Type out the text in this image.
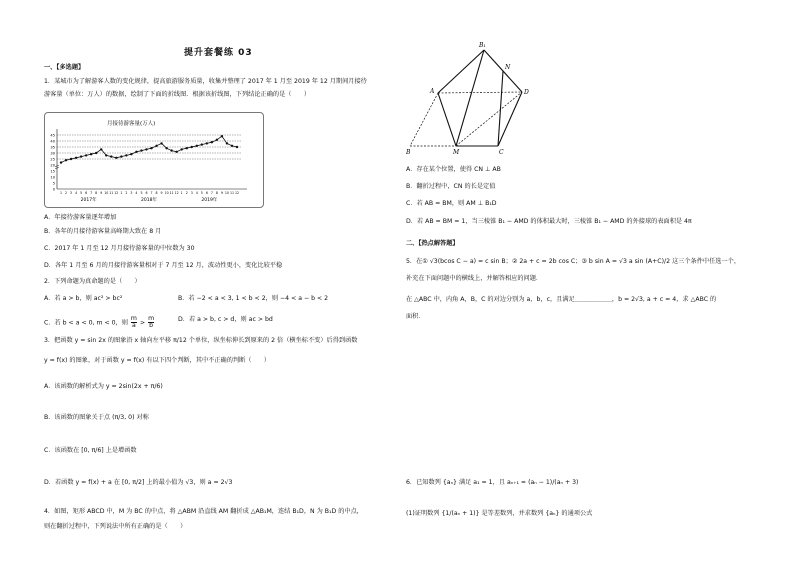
提升套餐练 03
一、【多选题】
1．某城市为了解游客人数的变化规律，提高旅游服务质量，收集并整理了 2017 年 1 月至 2019 年 12 月期间月接待
游客量（单位：万人）的数据，绘制了下面的折线图．根据该折线图，下列结论正确的是（　　）
月接待游客量(万人)
0
5
10
15
20
25
30
35
40
45
1 2 3 4 5 6 7 8 9 10 11 12 1 2 3 4 5 6 7 8 9 10 11 12 1 2 3 4 5 6 7 8 9 10 11 12
2017年	2018年	2019年
A．年接待游客量逐年增加
B．各年的月接待游客量高峰期大致在 8 月
C．2017 年 1 月至 12 月月接待游客量的中位数为 30
D．各年 1 月至 6 月的月接待游客量相对于 7 月至 12 月，波动性更小，变化比较平稳
2．下列命题为真命题的是（　　）
A．若 a > b，则 ac² > bc²	B．若 −2 < a < 3, 1 < b < 2，则 −4 < a − b < 2
C．若 b < a < 0, m < 0，则 $\frac{m}{a} > \frac{m}{b}$	D．若 a > b, c > d，则 ac > bd
3．把函数 y = sin 2x 的图象沿 x 轴向左平移 π/12 个单位，纵坐标伸长到原来的 2 倍（横坐标不变）后得到函数
y = f(x) 的图象，对于函数 y = f(x) 有以下四个判断，其中不正确的判断（　　）
A．该函数的解析式为 y = 2sin(2x + π/6)
B．该函数的图象关于点 (π/3, 0) 对称
C．该函数在 [0, π/6] 上是增函数
D．若函数 y = f(x) + a 在 [0, π/2] 上的最小值为 √3，则 a = 2√3
4．如图，矩形 ABCD 中，M 为 BC 的中点，将 △ABM 沿直线 AM 翻折成 △AB₁M，连结 B₁D，N 为 B₁D 的中点，
则在翻折过程中，下列说法中所有正确的是（　　）
B₁
N
A	D
B	M	C
A．存在某个位置，使得 CN ⊥ AB
B．翻折过程中，CN 的长是定值
C．若 AB = BM，则 AM ⊥ B₁D
D．若 AB = BM = 1，当三棱锥 B₁ − AMD 的体积最大时，三棱锥 B₁ − AMD 的外接球的表面积是 4π
二、【热点解答题】
5．在① √3(bcos C − a) = c sin B；② 2a + c = 2b cos C；③ b sin A = √3 a sin (A+C)/2 这三个条件中任选一个，
补充在下面问题中的横线上，并解答相应的问题．
在 △ABC 中，内角 A，B，C 的对边分别为 a，b，c，且满足＿＿＿＿＿＿，b = 2√3, a + c = 4，求 △ABC 的
面积．
6．已知数列 {aₙ} 满足 a₁ = 1，且 aₙ₊₁ = (aₙ − 1)/(aₙ + 3)
(1)证明数列 {1/(aₙ + 1)} 是等差数列，并求数列 {aₙ} 的通项公式
